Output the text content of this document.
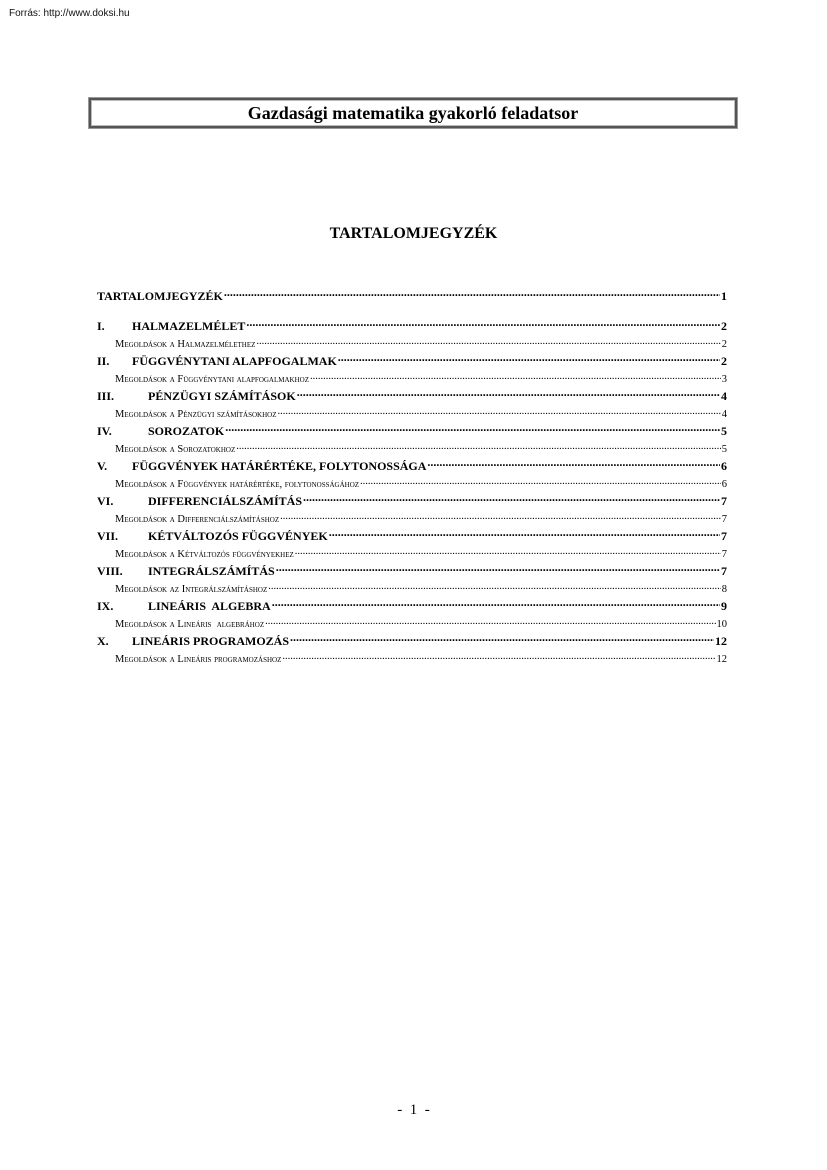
Forrás: http://www.doksi.hu
Gazdasági matematika gyakorló feladatsor
TARTALOMJEGYZÉK
TARTALOMJEGYZÉK .....	1
I. HALMAZELMÉLET .....	2
Megoldások a Halmazelmélethez .....	2
II. FÜGGVÉNYTANI ALAPFOGALMAK .....	2
Megoldások a Függvénytani alapfogalmakhoz .....	3
III.	PÉNZÜGYI SZÁMÍTÁSOK .....	4
Megoldások a Pénzügyi számításokhoz .....	4
IV.	SOROZATOK .....	5
Megoldások a Sorozatokhoz .....	5
V. FÜGGVÉNYEK HATÁRÉRTÉKE, FOLYTONOSSÁGA .....	6
Megoldások a Függvények határértéke, folytonosságához .....	6
VI.	DIFFERENCIÁLSZÁMÍTÁS .....	7
Megoldások a Differenciálszámításhoz .....	7
VII. KÉTVÁLTOZÓS FÜGGVÉNYEK .....	7
Megoldások a Kétváltozós függvényekhez .....	7
VIII. INTEGRÁLSZÁMÍTÁS .....	7
Megoldások az Integrálszámításhoz .....	8
IX.	LINEÁRIS  ALGEBRA .....	9
Megoldások a Lineáris  algebrához .....	10
X. LINEÁRIS PROGRAMOZÁS .....	12
Megoldások a Lineáris programozáshoz .....	12
-  1  -
